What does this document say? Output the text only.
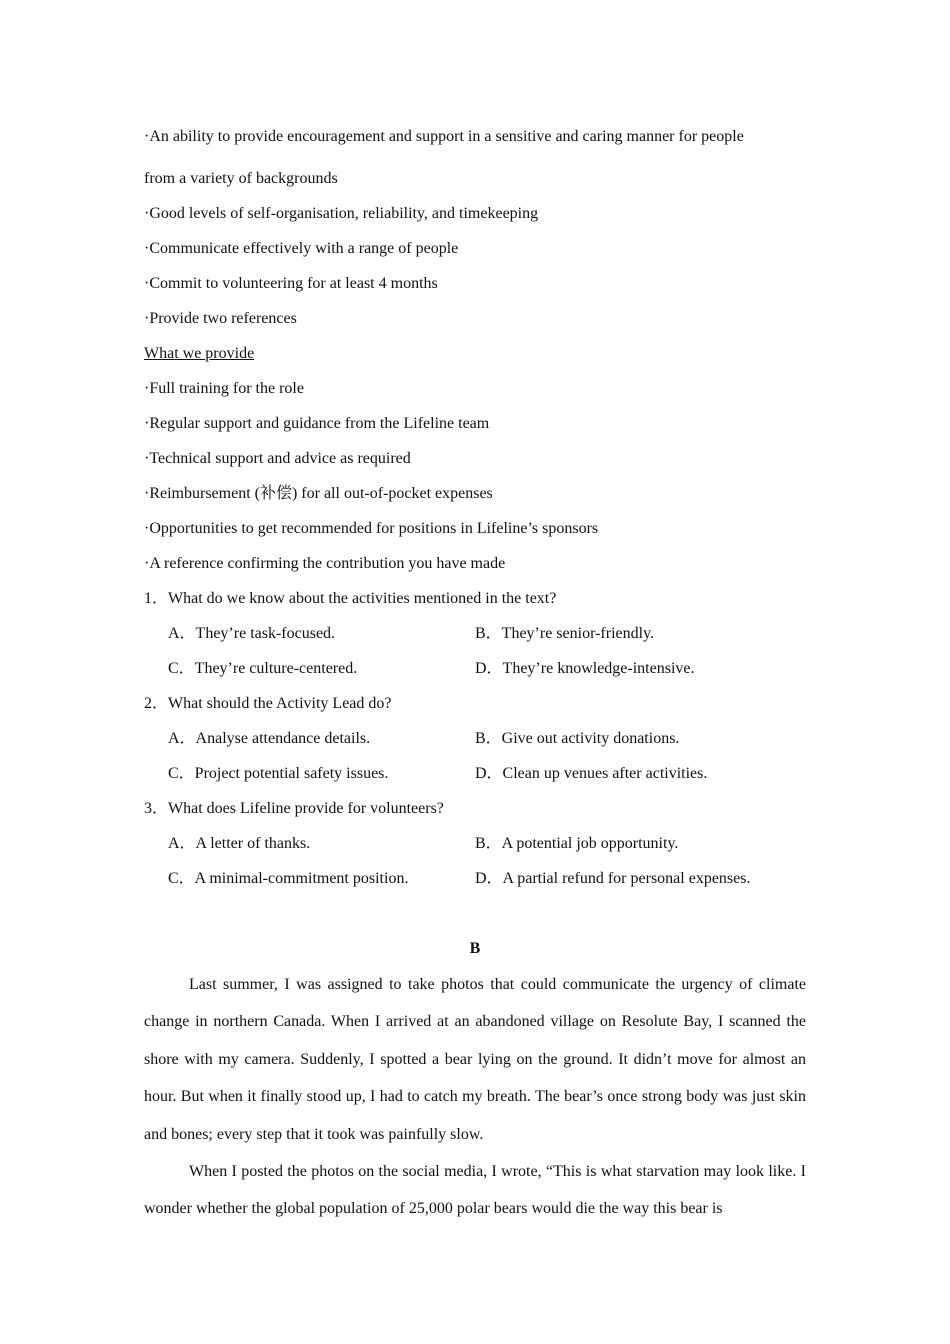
·An ability to provide encouragement and support in a sensitive and caring manner for people
from a variety of backgrounds
·Good levels of self-organisation, reliability, and timekeeping
·Communicate effectively with a range of people
·Commit to volunteering for at least 4 months
·Provide two references
What we provide
·Full training for the role
·Regular support and guidance from the Lifeline team
·Technical support and advice as required
·Reimbursement (补偿) for all out-of-pocket expenses
·Opportunities to get recommended for positions in Lifeline’s sponsors
·A reference confirming the contribution you have made
1．What do we know about the activities mentioned in the text?
A．They’re task-focused.	B．They’re senior-friendly.
C．They’re culture-centered.	D．They’re knowledge-intensive.
2．What should the Activity Lead do?
A．Analyse attendance details.	B．Give out activity donations.
C．Project potential safety issues.	D．Clean up venues after activities.
3．What does Lifeline provide for volunteers?
A．A letter of thanks.	B．A potential job opportunity.
C．A minimal-commitment position.	D．A partial refund for personal expenses.
B

Last summer, I was assigned to take photos that could communicate the urgency of climate change in northern Canada. When I arrived at an abandoned village on Resolute Bay, I scanned the shore with my camera. Suddenly, I spotted a bear lying on the ground. It didn’t move for almost an hour. But when it finally stood up, I had to catch my breath. The bear’s once strong body was just skin and bones; every step that it took was painfully slow.

When I posted the photos on the social media, I wrote, “This is what starvation may look like. I wonder whether the global population of 25,000 polar bears would die the way this bear is
